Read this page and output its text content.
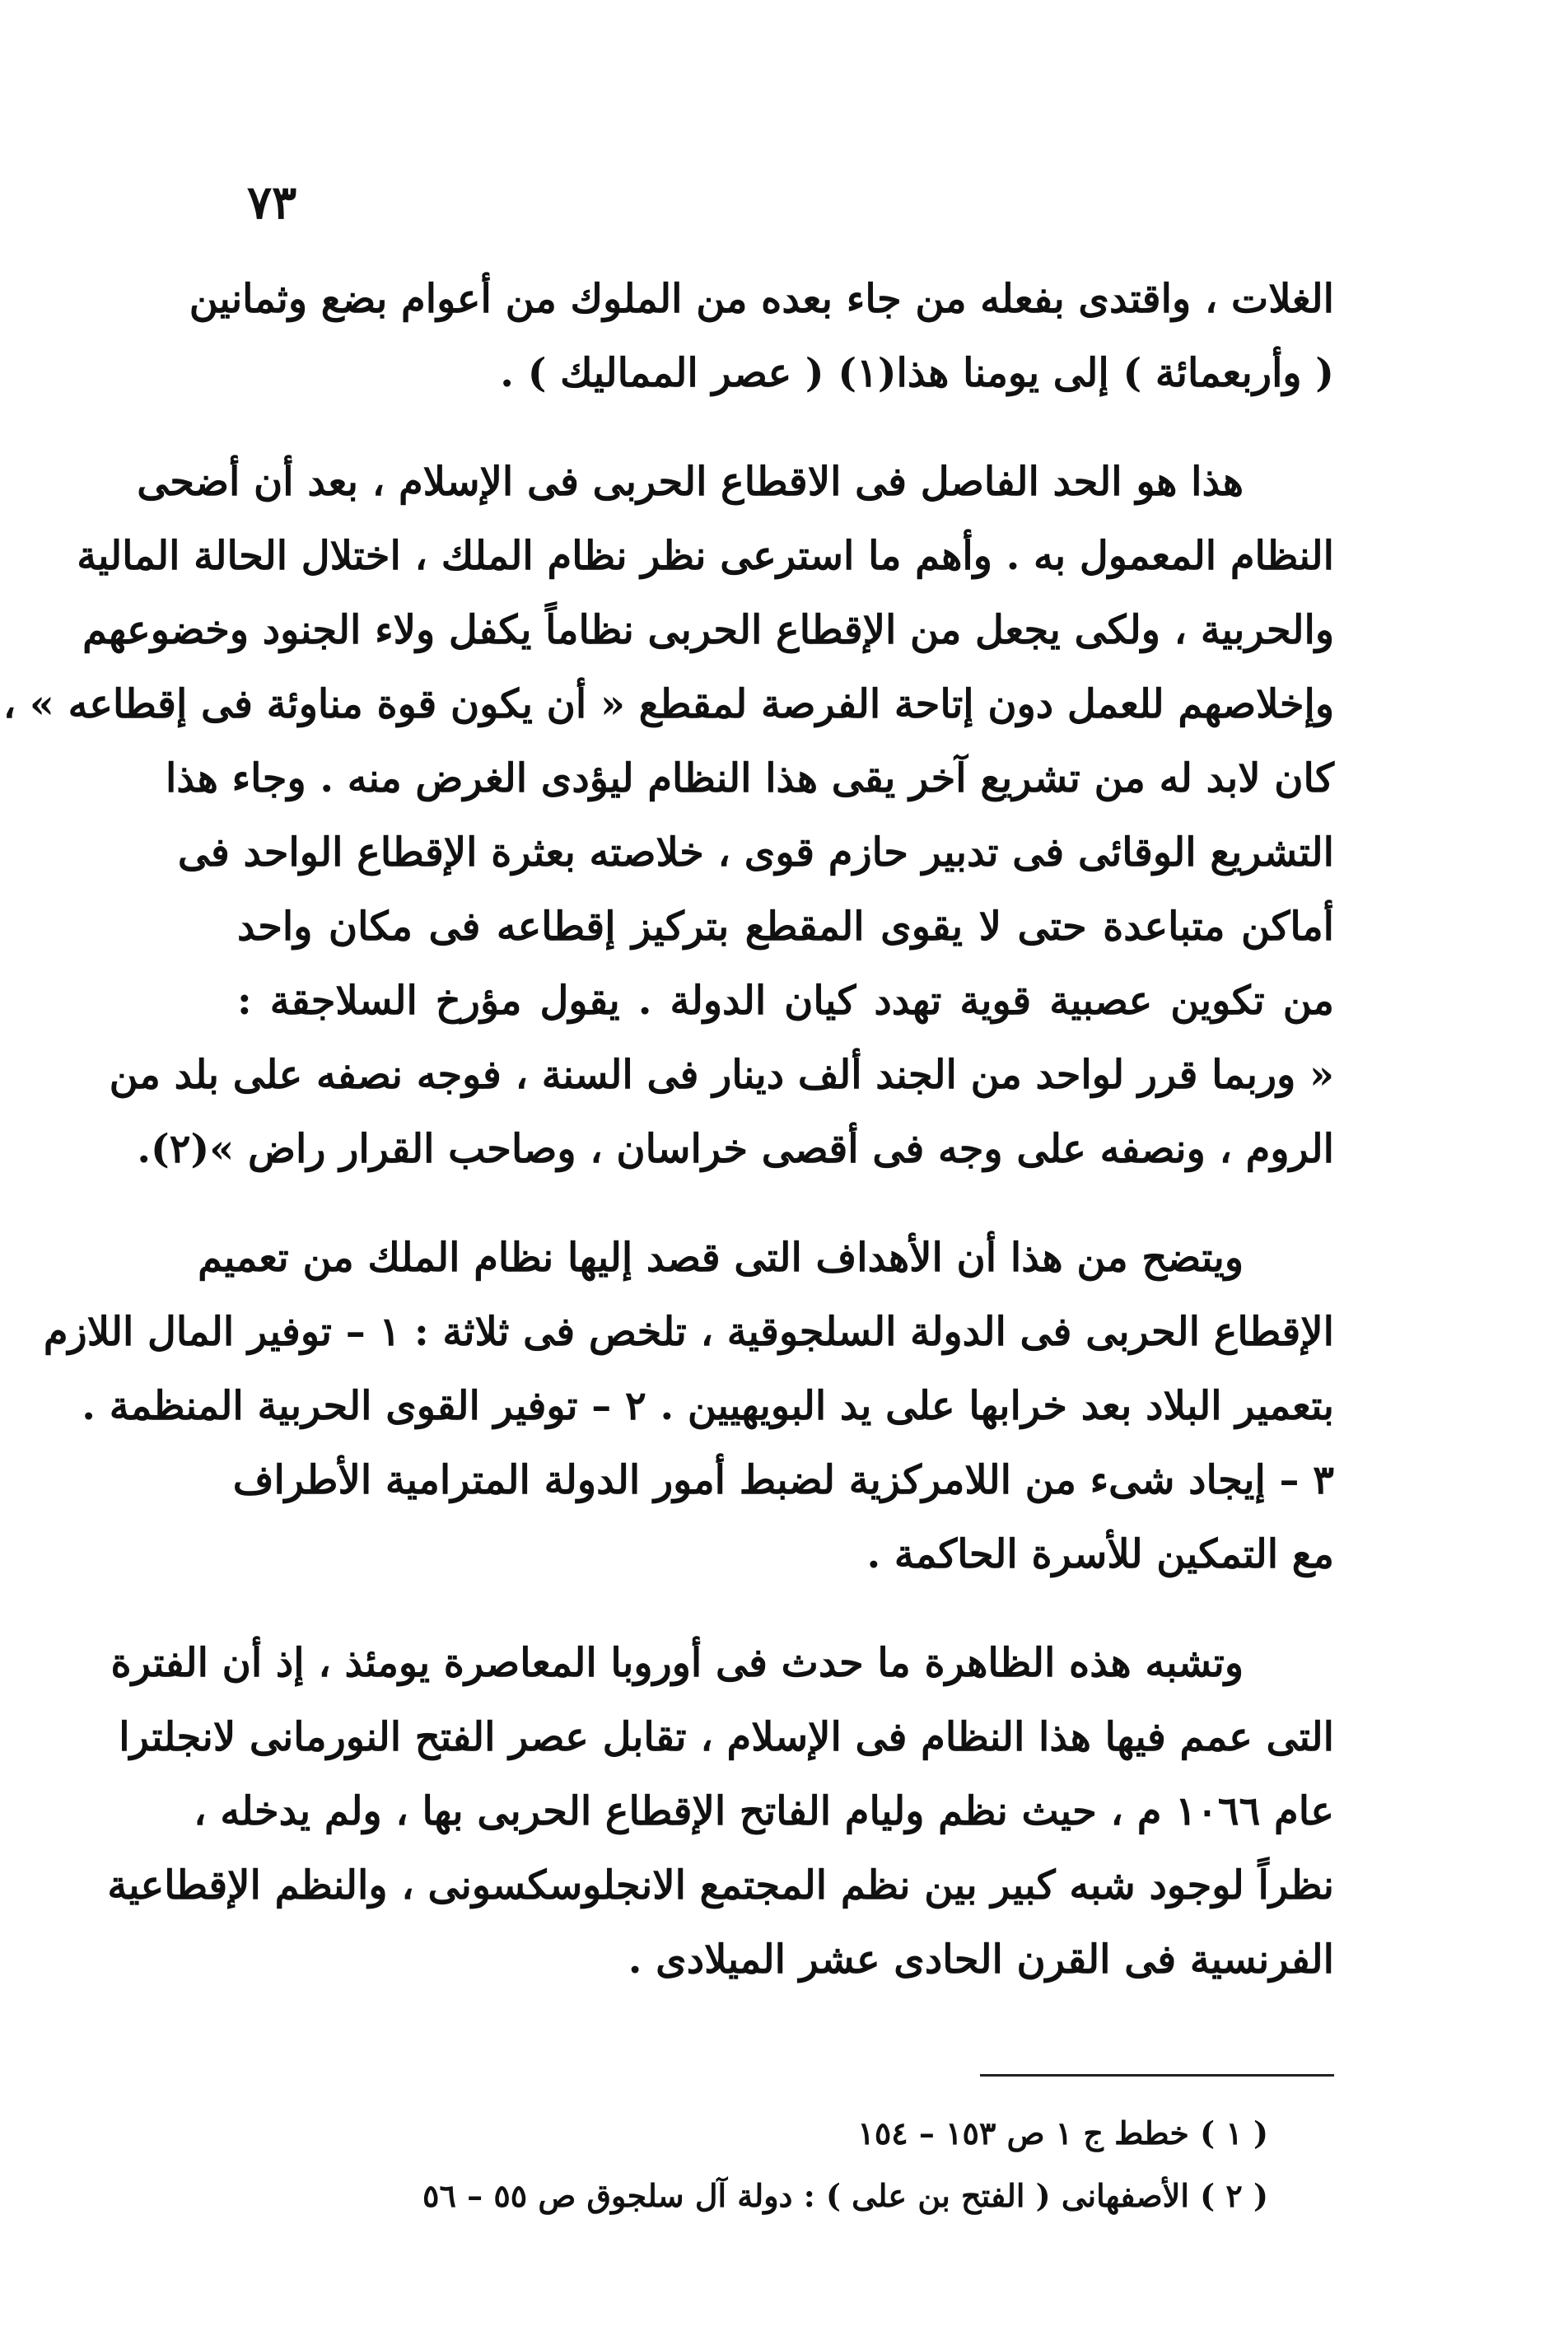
٧٣

الغلات ، واقتدى بفعله من جاء بعده من الملوك من أعوام بضع وثمانين
( وأربعمائة ) إلى يومنا هذا(١) ( عصر المماليك ) .

هذا هو الحد الفاصل فى الاقطاع الحربى فى الإسلام ، بعد أن أضحى
النظام المعمول به . وأهم ما استرعى نظر نظام الملك ، اختلال الحالة المالية
والحربية ، ولكى يجعل من الإقطاع الحربى نظاماً يكفل ولاء الجنود وخضوعهم
وإخلاصهم للعمل دون إتاحة الفرصة لمقطع « أن يكون قوة مناوئة فى إقطاعه » ،
كان لابد له من تشريع آخر يقى هذا النظام ليؤدى الغرض منه . وجاء هذا
التشريع الوقائى فى تدبير حازم قوى ، خلاصته بعثرة الإقطاع الواحد فى
أماكن متباعدة حتى لا يقوى المقطع بتركيز إقطاعه فى مكان واحد
من تكوين عصبية قوية تهدد كيان الدولة . يقول مؤرخ السلاجقة :
« وربما قرر لواحد من الجند ألف دينار فى السنة ، فوجه نصفه على بلد من
الروم ، ونصفه على وجه فى أقصى خراسان ، وصاحب القرار راض »(٢).

ويتضح من هذا أن الأهداف التى قصد إليها نظام الملك من تعميم
الإقطاع الحربى فى الدولة السلجوقية ، تلخص فى ثلاثة : ١ – توفير المال اللازم
بتعمير البلاد بعد خرابها على يد البويهيين . ٢ – توفير القوى الحربية المنظمة .
٣ – إيجاد شىء من اللامركزية لضبط أمور الدولة المترامية الأطراف
مع التمكين للأسرة الحاكمة .

وتشبه هذه الظاهرة ما حدث فى أوروبا المعاصرة يومئذ ، إذ أن الفترة
التى عمم فيها هذا النظام فى الإسلام ، تقابل عصر الفتح النورمانى لانجلترا
عام ١٠٦٦ م ، حيث نظم وليام الفاتح الإقطاع الحربى بها ، ولم يدخله ،
نظراً لوجود شبه كبير بين نظم المجتمع الانجلوسكسونى ، والنظم الإقطاعية
الفرنسية فى القرن الحادى عشر الميلادى .

( ١ ) خطط ج ١ ص ١٥٣ – ١٥٤
( ٢ ) الأصفهانى ( الفتح بن على ) : دولة آل سلجوق ص ٥٥ – ٥٦
